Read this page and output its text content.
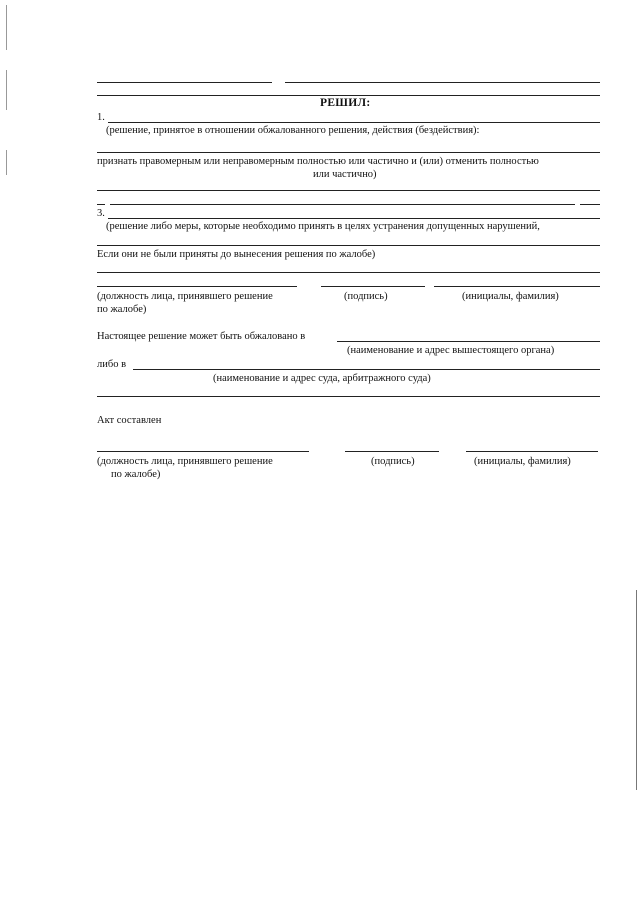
РЕШИЛ:
1.
(решение, принятое в отношении обжалованного решения, действия (бездействия):
признать правомерным или неправомерным полностью или частично и (или) отменить полностью
или частично)
3.
(решение либо меры, которые необходимо принять в целях устранения допущенных нарушений,
Если они не были приняты до вынесения решения по жалобе)
(должность лица, принявшего решение
по жалобе)
(подпись)	(инициалы, фамилия)
Настоящее решение может быть обжаловано в
(наименование и адрес вышестоящего органа)
либо в
(наименование и адрес суда, арбитражного суда)
Акт составлен
(должность лица, принявшего решение
по жалобе)
(подпись)	(инициалы, фамилия)
